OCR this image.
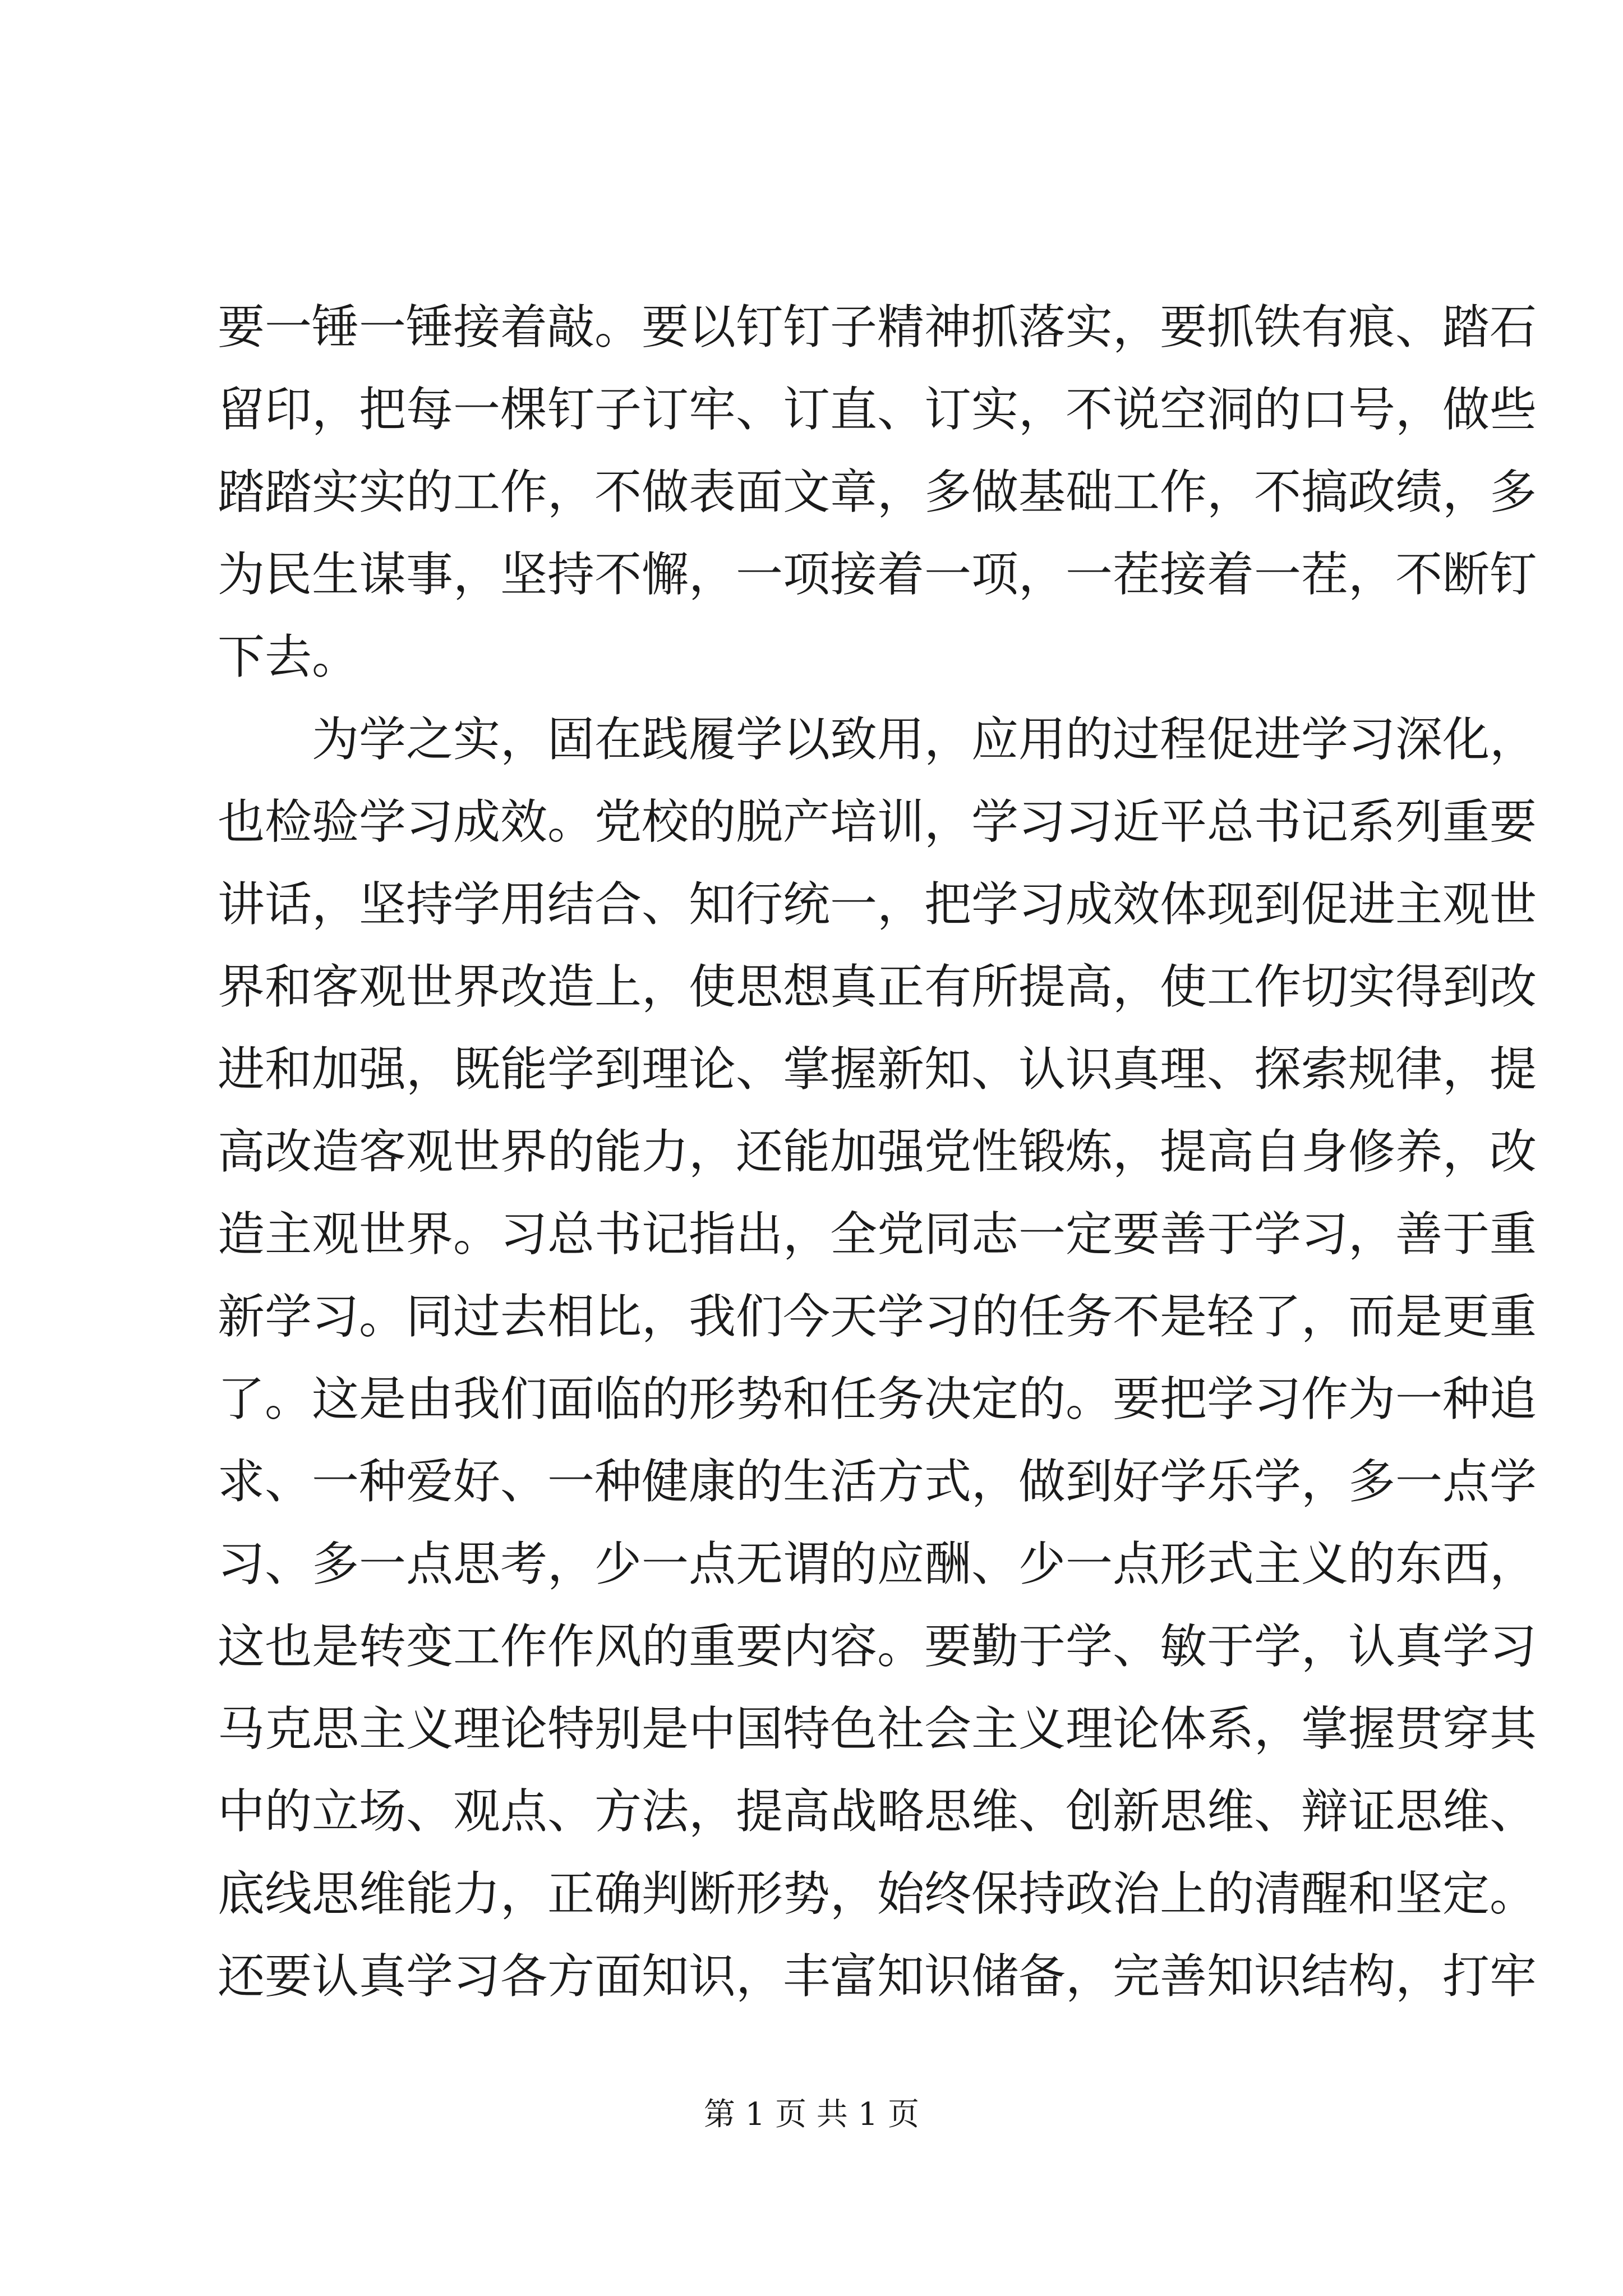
要一锤一锤接着敲。要以钉钉子精神抓落实，要抓铁有痕、踏石
留印，把每一棵钉子订牢、订直、订实，不说空洞的口号，做些
踏踏实实的工作，不做表面文章，多做基础工作，不搞政绩，多
为民生谋事，坚持不懈，一项接着一项，一茬接着一茬，不断钉
下去。
为学之实，固在践履学以致用，应用的过程促进学习深化，
也检验学习成效。党校的脱产培训，学习习近平总书记系列重要
讲话，坚持学用结合、知行统一，把学习成效体现到促进主观世
界和客观世界改造上，使思想真正有所提高，使工作切实得到改
进和加强，既能学到理论、掌握新知、认识真理、探索规律，提
高改造客观世界的能力，还能加强党性锻炼，提高自身修养，改
造主观世界。习总书记指出，全党同志一定要善于学习，善于重
新学习。同过去相比，我们今天学习的任务不是轻了，而是更重
了。这是由我们面临的形势和任务决定的。要把学习作为一种追
求、一种爱好、一种健康的生活方式，做到好学乐学，多一点学
习、多一点思考，少一点无谓的应酬、少一点形式主义的东西，
这也是转变工作作风的重要内容。要勤于学、敏于学，认真学习
马克思主义理论特别是中国特色社会主义理论体系，掌握贯穿其
中的立场、观点、方法，提高战略思维、创新思维、辩证思维、
底线思维能力，正确判断形势，始终保持政治上的清醒和坚定。
还要认真学习各方面知识，丰富知识储备，完善知识结构，打牢
第 1 页 共 1 页
